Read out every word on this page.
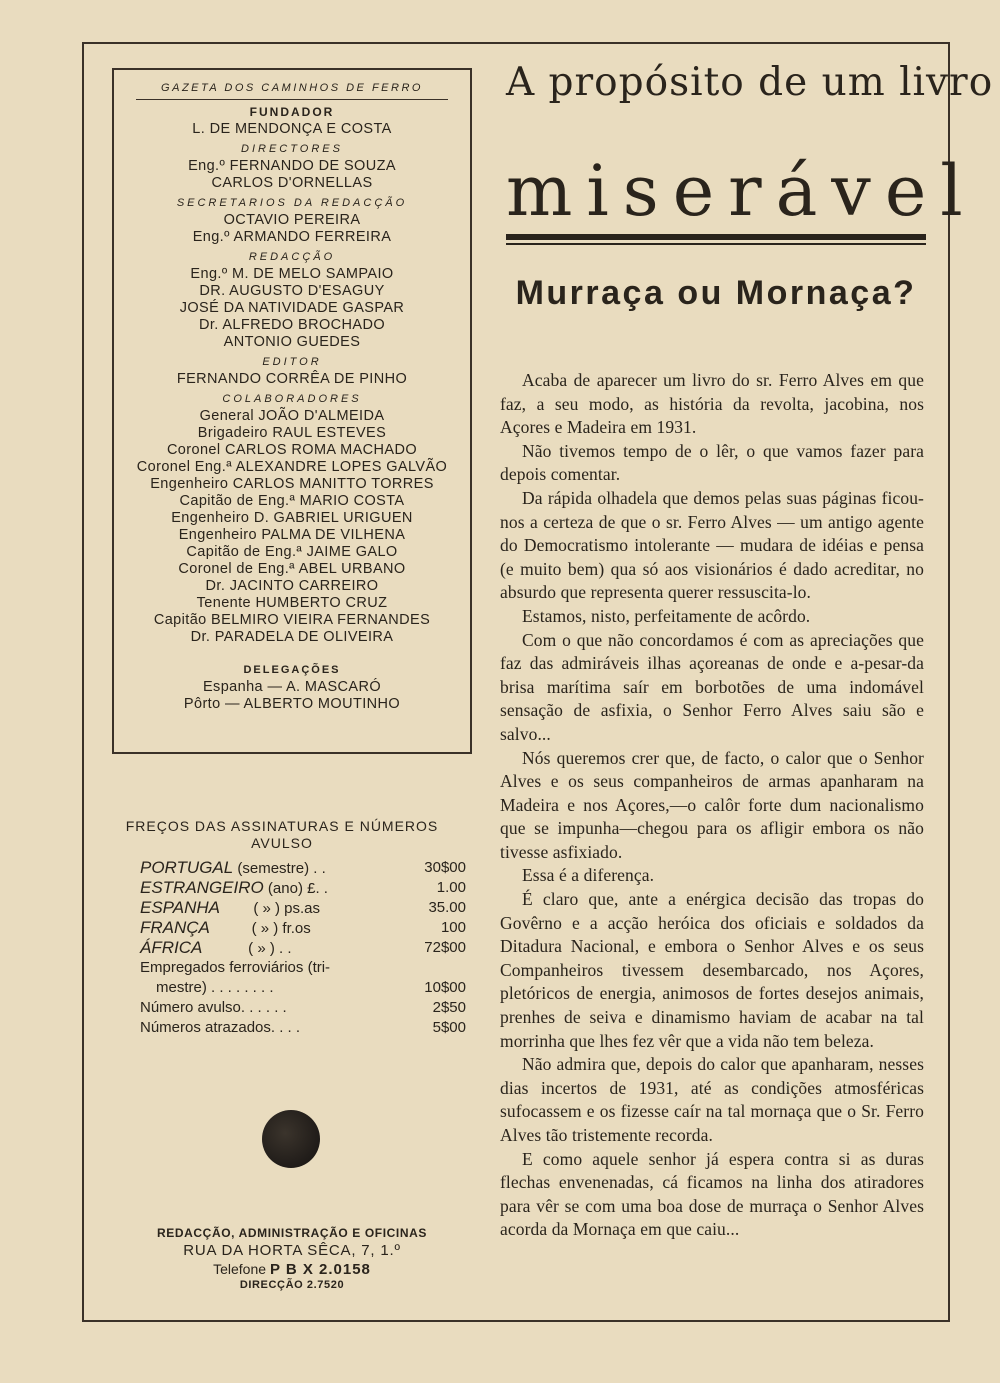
GAZETA DOS CAMINHOS DE FERRO
FUNDADOR
L. DE MENDONÇA E COSTA
DIRECTORES
Eng.º FERNANDO DE SOUZA
CARLOS D'ORNELLAS
SECRETARIOS DA REDACÇÃO
OCTAVIO PEREIRA
Eng.º ARMANDO FERREIRA
REDACÇÃO
Eng.º M. DE MELO SAMPAIO
DR. AUGUSTO D'ESAGUY
JOSÉ DA NATIVIDADE GASPAR
Dr. ALFREDO BROCHADO
ANTONIO GUEDES
EDITOR
FERNANDO CORRÊA DE PINHO
COLABORADORES
General JOÃO D'ALMEIDA
Brigadeiro RAUL ESTEVES
Coronel CARLOS ROMA MACHADO
Coronel Eng.ª ALEXANDRE LOPES GALVÃO
Engenheiro CARLOS MANITTO TORRES
Capitão de Eng.ª MARIO COSTA
Engenheiro D. GABRIEL URIGUEN
Engenheiro PALMA DE VILHENA
Capitão de Eng.ª JAIME GALO
Coronel de Eng.ª ABEL URBANO
Dr. JACINTO CARREIRO
Tenente HUMBERTO CRUZ
Capitão BELMIRO VIEIRA FERNANDES
Dr. PARADELA DE OLIVEIRA
DELEGAÇÕES
Espanha — A. MASCARÓ
Pôrto — ALBERTO MOUTINHO
FREÇOS DAS ASSINATURAS E NÚMEROS AVULSO
PORTUGAL (semestre) . .	30$00
ESTRANGEIRO (ano) £. .	1.00
ESPANHA        ( » ) ps.as	35.00
FRANÇA          ( » ) fr.os	100
ÁFRICA           ( » ) . .	72$00
Empregados ferroviários (tri-
mestre) . . . . . . . .	10$00
Número avulso. . . . . .	2$50
Números atrazados. . . .	5$00
REDACÇÃO, ADMINISTRAÇÃO E OFICINAS
RUA DA HORTA SÊCA, 7, 1.º
Telefone P B X 2.0158
DIRECÇÃO 2.7520
A propósito de um livro
miserável
Murraça ou Mornaça?

Acaba de aparecer um livro do sr. Ferro Alves em que faz, a seu modo, as história da revolta, jacobina, nos Açores e Madeira em 1931.

Não tivemos tempo de o lêr, o que vamos fazer para depois comentar.

Da rápida olhadela que demos pelas suas páginas ficou-nos a certeza de que o sr. Ferro Alves — um antigo agente do Democratismo intolerante — mudara de idéias e pensa (e muito bem) qua só aos visionários é dado acreditar, no absurdo que representa querer ressuscita-lo.

Estamos, nisto, perfeitamente de acôrdo.

Com o que não concordamos é com as apreciações que faz das admiráveis ilhas açoreanas de onde e a-pesar-da brisa marítima saír em borbotões de uma indomável sensação de asfixia, o Senhor Ferro Alves saiu são e salvo...

Nós queremos crer que, de facto, o calor que o Senhor Alves e os seus companheiros de armas apanharam na Madeira e nos Açores,—o calôr forte dum nacionalismo que se impunha—chegou para os afligir embora os não tivesse asfixiado.

Essa é a diferença.

É claro que, ante a enérgica decisão das tropas do Govêrno e a acção heróica dos oficiais e soldados da Ditadura Nacional, e embora o Senhor Alves e os seus Companheiros tivessem desembarcado, nos Açores, pletóricos de energia, animosos de fortes desejos animais, prenhes de seiva e dinamismo haviam de acabar na tal morrinha que lhes fez vêr que a vida não tem beleza.

Não admira que, depois do calor que apanharam, nesses dias incertos de 1931, até as condições atmosféricas sufocassem e os fizesse caír na tal mornaça que o Sr. Ferro Alves tão tristemente recorda.

E como aquele senhor já espera contra si as duras flechas envenenadas, cá ficamos na linha dos atiradores para vêr se com uma boa dose de murraça o Senhor Alves acorda da Mornaça em que caiu...
